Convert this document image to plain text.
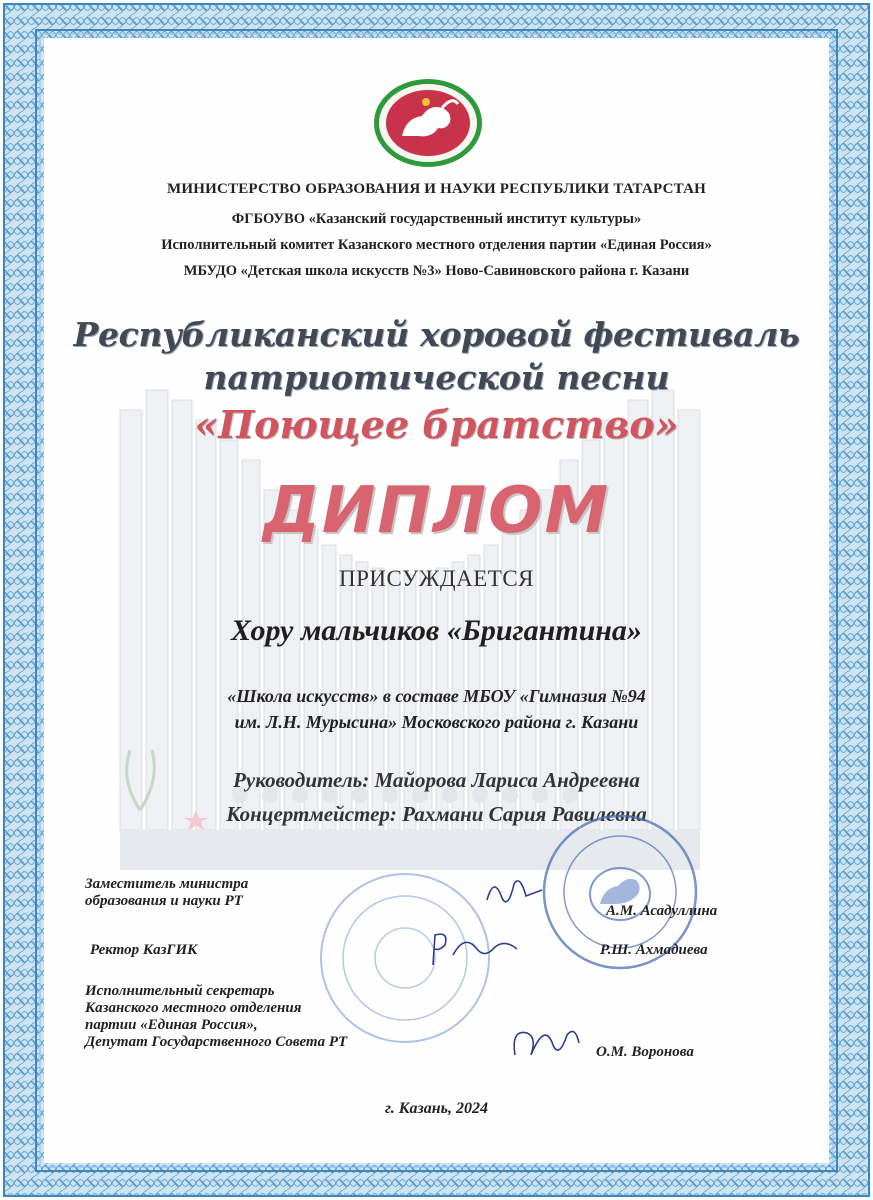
МИНИСТЕРСТВО ОБРАЗОВАНИЯ И НАУКИ РЕСПУБЛИКИ ТАТАРСТАН
ФГБОУВО «Казанский государственный институт культуры»
Исполнительный комитет Казанского местного отделения партии «Единая Россия»
МБУДО «Детская школа искусств №3» Ново-Савиновского района г. Казани
Республиканский хоровой фестиваль
патриотической песни
«Поющее братство»
ДИПЛОМ
ПРИСУЖДАЕТСЯ
Хору мальчиков «Бригантина»
«Школа искусств» в составе МБОУ «Гимназия №94
им. Л.Н. Мурысина» Московского района г. Казани
Руководитель: Майорова Лариса Андреевна
Концертмейстер: Рахмани Сария Равилевна
Заместитель министра
образования и науки РТ
А.М. Асадуллина
Ректор КазГИК	Р.Ш. Ахмадиева
Исполнительный секретарь
Казанского местного отделения
партии «Единая Россия»,
Депутат Государственного Совета РТ
О.М. Воронова
г. Казань, 2024
